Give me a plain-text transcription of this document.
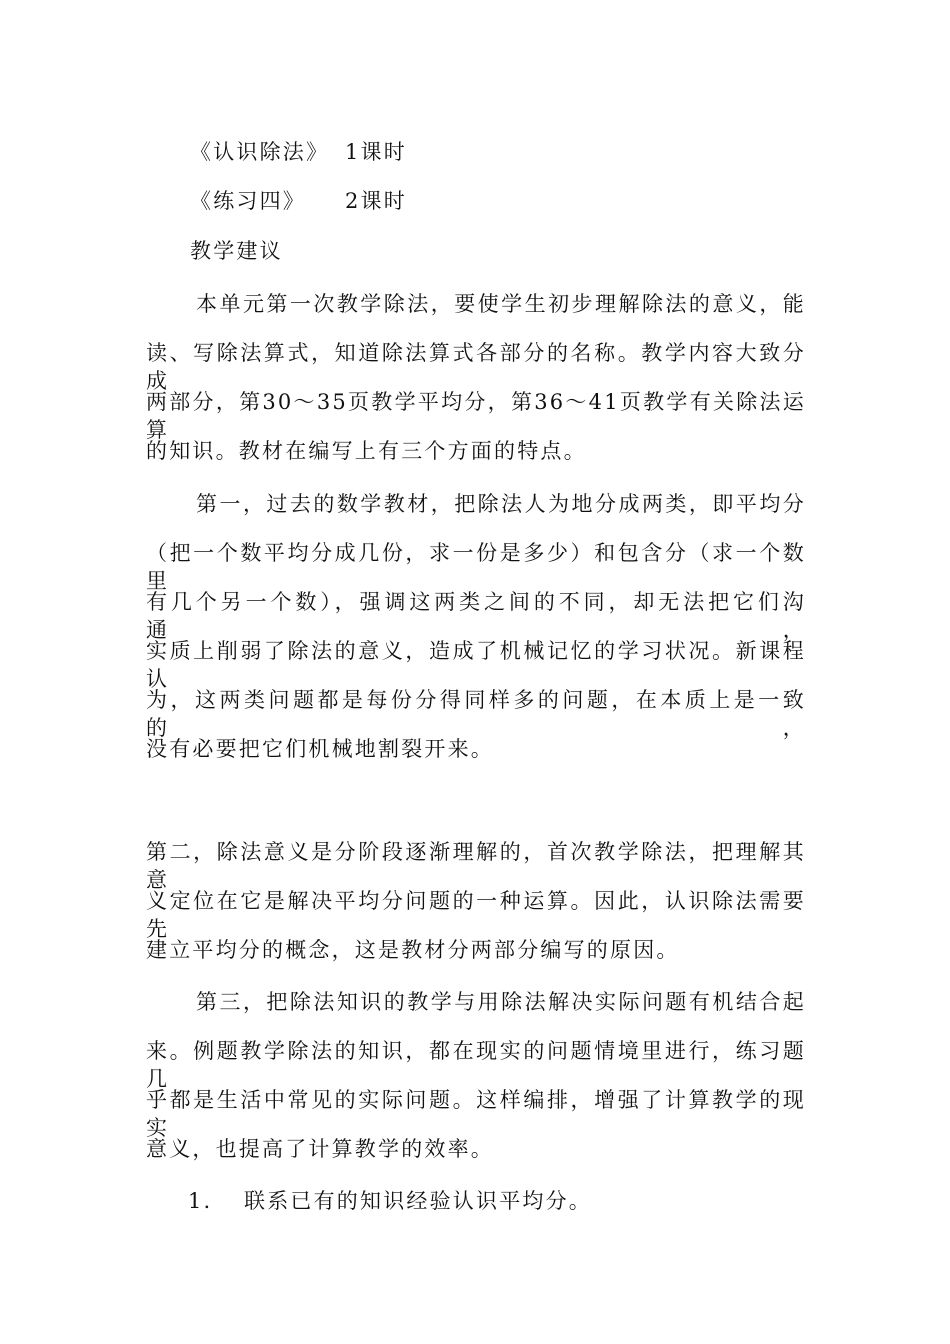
《认识除法》 1课时
《练习四》 2课时
教学建议
本单元第一次教学除法，要使学生初步理解除法的意义，能
读、写除法算式，知道除法算式各部分的名称。教学内容大致分成
两部分，第30～35页教学平均分，第36～41页教学有关除法运算
的知识。教材在编写上有三个方面的特点。
第一，过去的数学教材，把除法人为地分成两类，即平均分
（把一个数平均分成几份，求一份是多少）和包含分（求一个数里
有几个另一个数），强调这两类之间的不同，却无法把它们沟通，
实质上削弱了除法的意义，造成了机械记忆的学习状况。新课程认
为，这两类问题都是每份分得同样多的问题，在本质上是一致的，
没有必要把它们机械地割裂开来。
第二，除法意义是分阶段逐渐理解的，首次教学除法，把理解其意
义定位在它是解决平均分问题的一种运算。因此，认识除法需要先
建立平均分的概念，这是教材分两部分编写的原因。
第三，把除法知识的教学与用除法解决实际问题有机结合起
来。例题教学除法的知识，都在现实的问题情境里进行，练习题几
乎都是生活中常见的实际问题。这样编排，增强了计算教学的现实
意义，也提高了计算教学的效率。
1. 联系已有的知识经验认识平均分。
